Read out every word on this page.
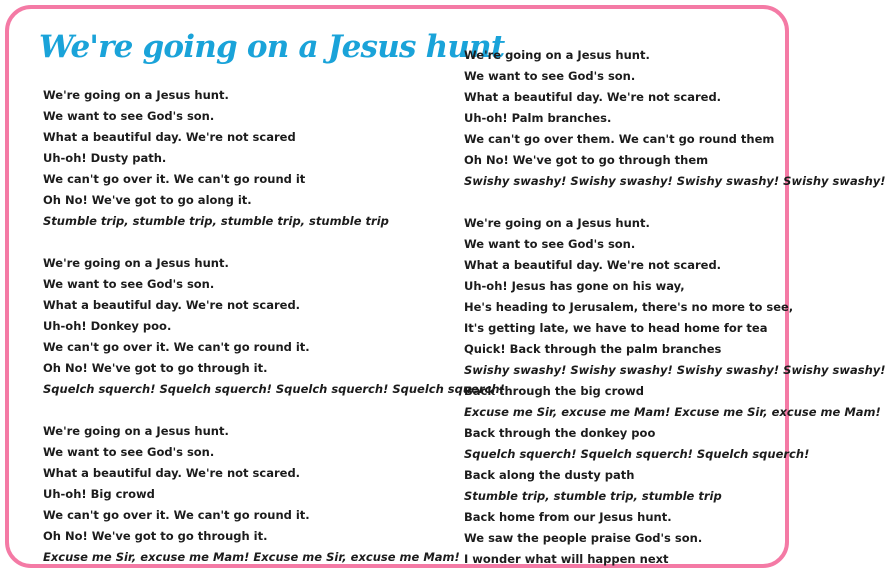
We're going on a Jesus hunt
We're going on a Jesus hunt.
We want to see God's son.
What a beautiful day. We're not scared
Uh-oh! Dusty path.
We can't go over it. We can't go round it
Oh No! We've got to go along it.
Stumble trip, stumble trip, stumble trip, stumble trip
We're going on a Jesus hunt.
We want to see God's son.
What a beautiful day. We're not scared.
Uh-oh! Donkey poo.
We can't go over it. We can't go round it.
Oh No! We've got to go through it.
Squelch squerch! Squelch squerch! Squelch squerch! Squelch squerch!
We're going on a Jesus hunt.
We want to see God's son.
What a beautiful day. We're not scared.
Uh-oh! Big crowd
We can't go over it. We can't go round it.
Oh No! We've got to go through it.
Excuse me Sir, excuse me Mam! Excuse me Sir, excuse me Mam!
We're going on a Jesus hunt.
We want to see God's son.
What a beautiful day. We're not scared.
Uh-oh! Palm branches.
We can't go over them. We can't go round them
Oh No! We've got to go through them
Swishy swashy! Swishy swashy! Swishy swashy! Swishy swashy!
We're going on a Jesus hunt.
We want to see God's son.
What a beautiful day. We're not scared.
Uh-oh! Jesus has gone on his way,
He's heading to Jerusalem, there's no more to see,
It's getting late, we have to head home for tea
Quick! Back through the palm branches
Swishy swashy! Swishy swashy! Swishy swashy! Swishy swashy!
Back through the big crowd
Excuse me Sir, excuse me Mam! Excuse me Sir, excuse me Mam!
Back through the donkey poo
Squelch squerch! Squelch squerch! Squelch squerch!
Back along the dusty path
Stumble trip, stumble trip, stumble trip
Back home from our Jesus hunt.
We saw the people praise God's son.
I wonder what will happen next
